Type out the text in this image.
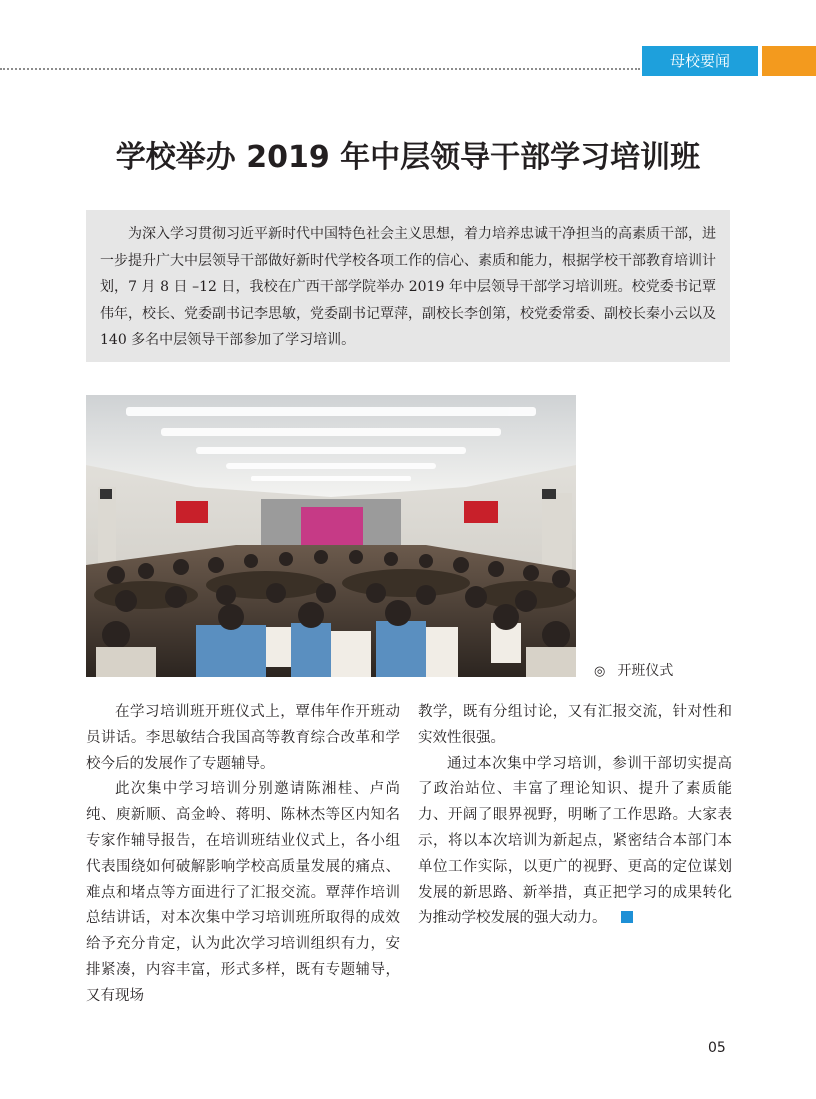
母校要闻
学校举办 2019 年中层领导干部学习培训班

为深入学习贯彻习近平新时代中国特色社会主义思想，着力培养忠诚干净担当的高素质干部，进一步提升广大中层领导干部做好新时代学校各项工作的信心、素质和能力，根据学校干部教育培训计划，7 月 8 日 –12 日，我校在广西干部学院举办 2019 年中层领导干部学习培训班。校党委书记覃伟年，校长、党委副书记李思敏，党委副书记覃萍，副校长李创第，校党委常委、副校长秦小云以及 140 多名中层领导干部参加了学习培训。

◎ 开班仪式

在学习培训班开班仪式上，覃伟年作开班动员讲话。李思敏结合我国高等教育综合改革和学校今后的发展作了专题辅导。

此次集中学习培训分别邀请陈湘桂、卢尚纯、庾新顺、高金岭、蒋明、陈林杰等区内知名专家作辅导报告，在培训班结业仪式上，各小组代表围绕如何破解影响学校高质量发展的痛点、难点和堵点等方面进行了汇报交流。覃萍作培训总结讲话，对本次集中学习培训班所取得的成效给予充分肯定，认为此次学习培训组织有力，安排紧凑，内容丰富，形式多样，既有专题辅导，又有现场

教学，既有分组讨论，又有汇报交流，针对性和实效性很强。

通过本次集中学习培训，参训干部切实提高了政治站位、丰富了理论知识、提升了素质能力、开阔了眼界视野，明晰了工作思路。大家表示，将以本次培训为新起点，紧密结合本部门本单位工作实际，以更广的视野、更高的定位谋划发展的新思路、新举措，真正把学习的成果转化为推动学校发展的强大动力。

05
